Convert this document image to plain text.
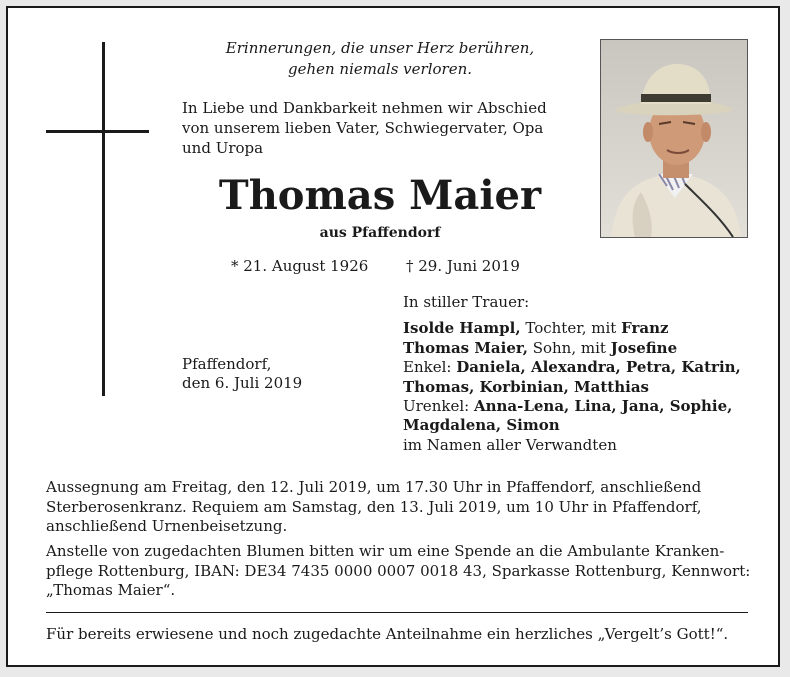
Erinnerungen, die unser Herz berühren,
gehen niemals verloren.
In Liebe und Dankbarkeit nehmen wir Abschied
von unserem lieben Vater, Schwiegervater, Opa
und Uropa
Thomas Maier
aus Pfaffendorf
* 21. August 1926	† 29. Juni 2019
Pfaffendorf,
den 6. Juli 2019
In stiller Trauer:
Isolde Hampl, Tochter, mit Franz
Thomas Maier, Sohn, mit Josefine
Enkel: Daniela, Alexandra, Petra, Katrin,
Thomas, Korbinian, Matthias
Urenkel: Anna-Lena, Lina, Jana, Sophie,
Magdalena, Simon
im Namen aller Verwandten
Aussegnung am Freitag, den 12. Juli 2019, um 17.30 Uhr in Pfaffendorf, anschließend
Sterberosenkranz. Requiem am Samstag, den 13. Juli 2019, um 10 Uhr in Pfaffendorf,
anschließend Urnenbeisetzung.
Anstelle von zugedachten Blumen bitten wir um eine Spende an die Ambulante Kranken-
pflege Rottenburg, IBAN: DE34 7435 0000 0007 0018 43, Sparkasse Rottenburg, Kennwort:
„Thomas Maier“.
Für bereits erwiesene und noch zugedachte Anteilnahme ein herzliches „Vergelt’s Gott!“.
